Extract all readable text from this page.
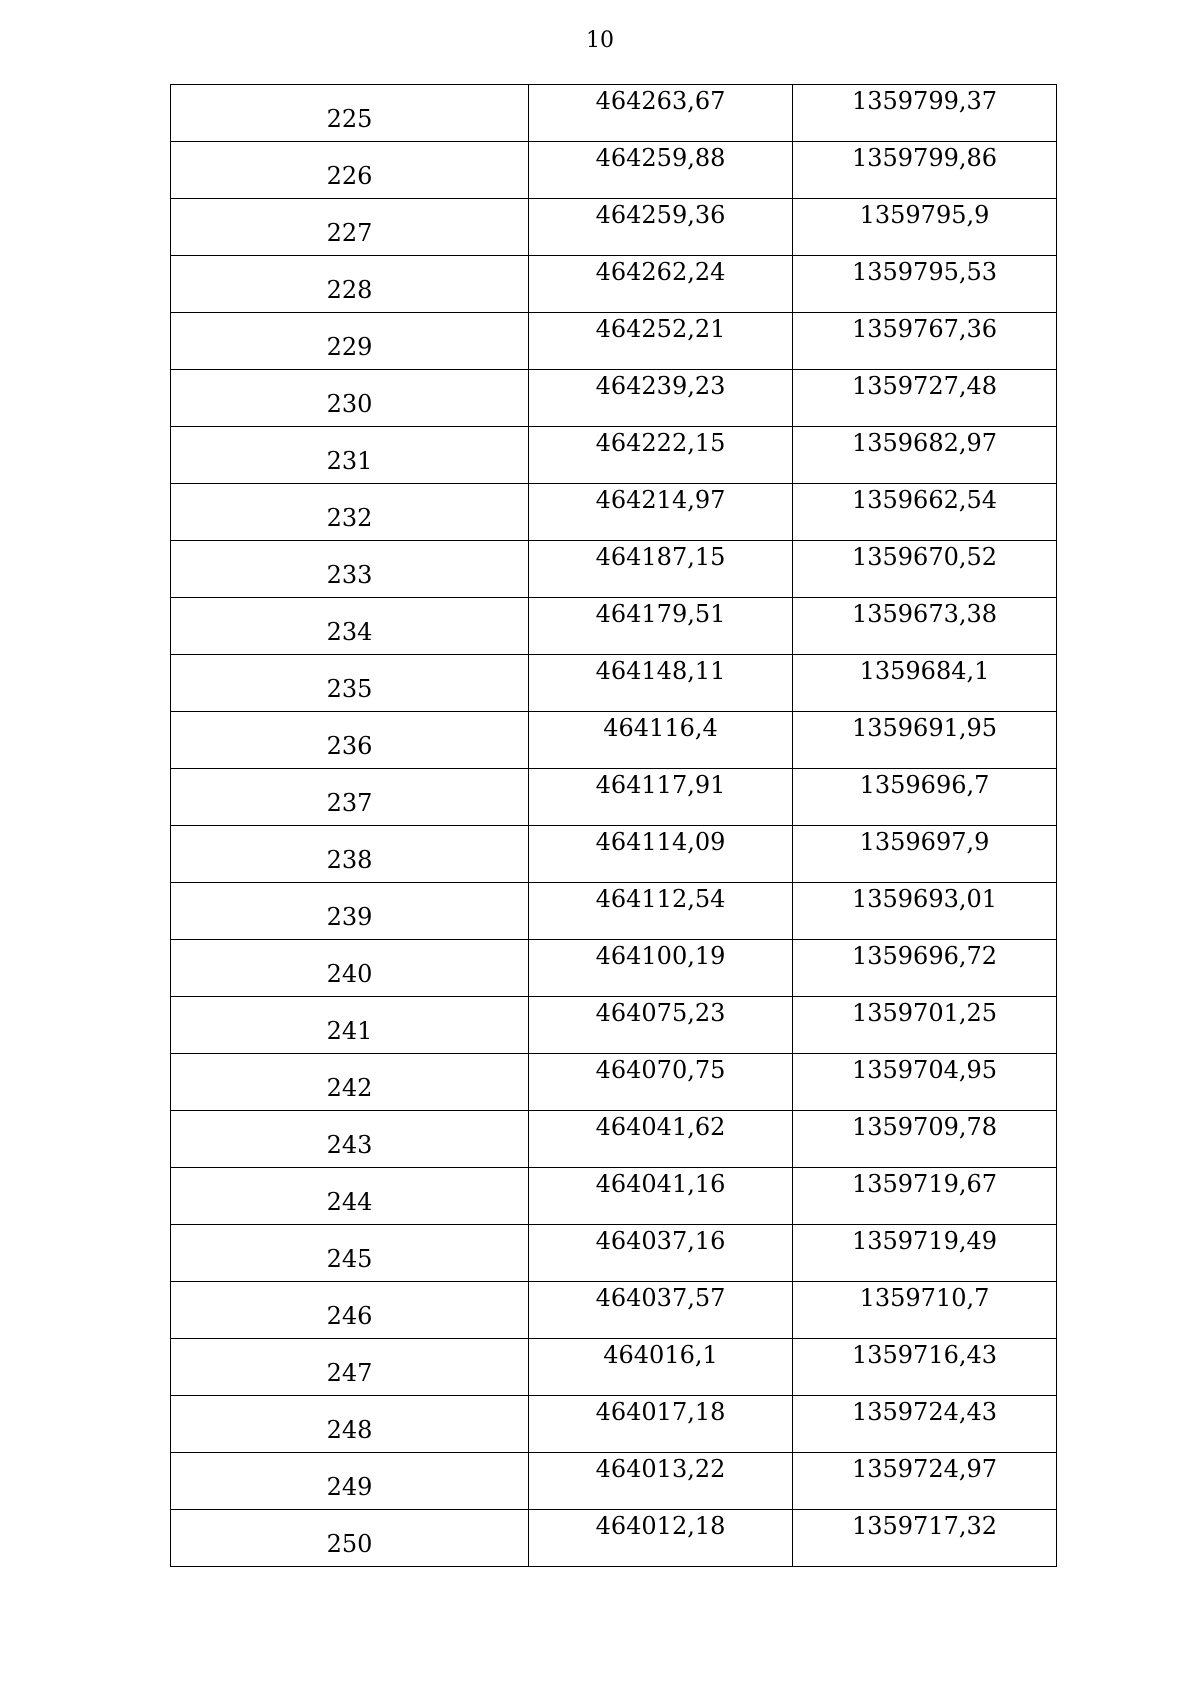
10
225	464263,67	1359799,37
226	464259,88	1359799,86
227	464259,36	1359795,9
228	464262,24	1359795,53
229	464252,21	1359767,36
230	464239,23	1359727,48
231	464222,15	1359682,97
232	464214,97	1359662,54
233	464187,15	1359670,52
234	464179,51	1359673,38
235	464148,11	1359684,1
236	464116,4	1359691,95
237	464117,91	1359696,7
238	464114,09	1359697,9
239	464112,54	1359693,01
240	464100,19	1359696,72
241	464075,23	1359701,25
242	464070,75	1359704,95
243	464041,62	1359709,78
244	464041,16	1359719,67
245	464037,16	1359719,49
246	464037,57	1359710,7
247	464016,1	1359716,43
248	464017,18	1359724,43
249	464013,22	1359724,97
250	464012,18	1359717,32
